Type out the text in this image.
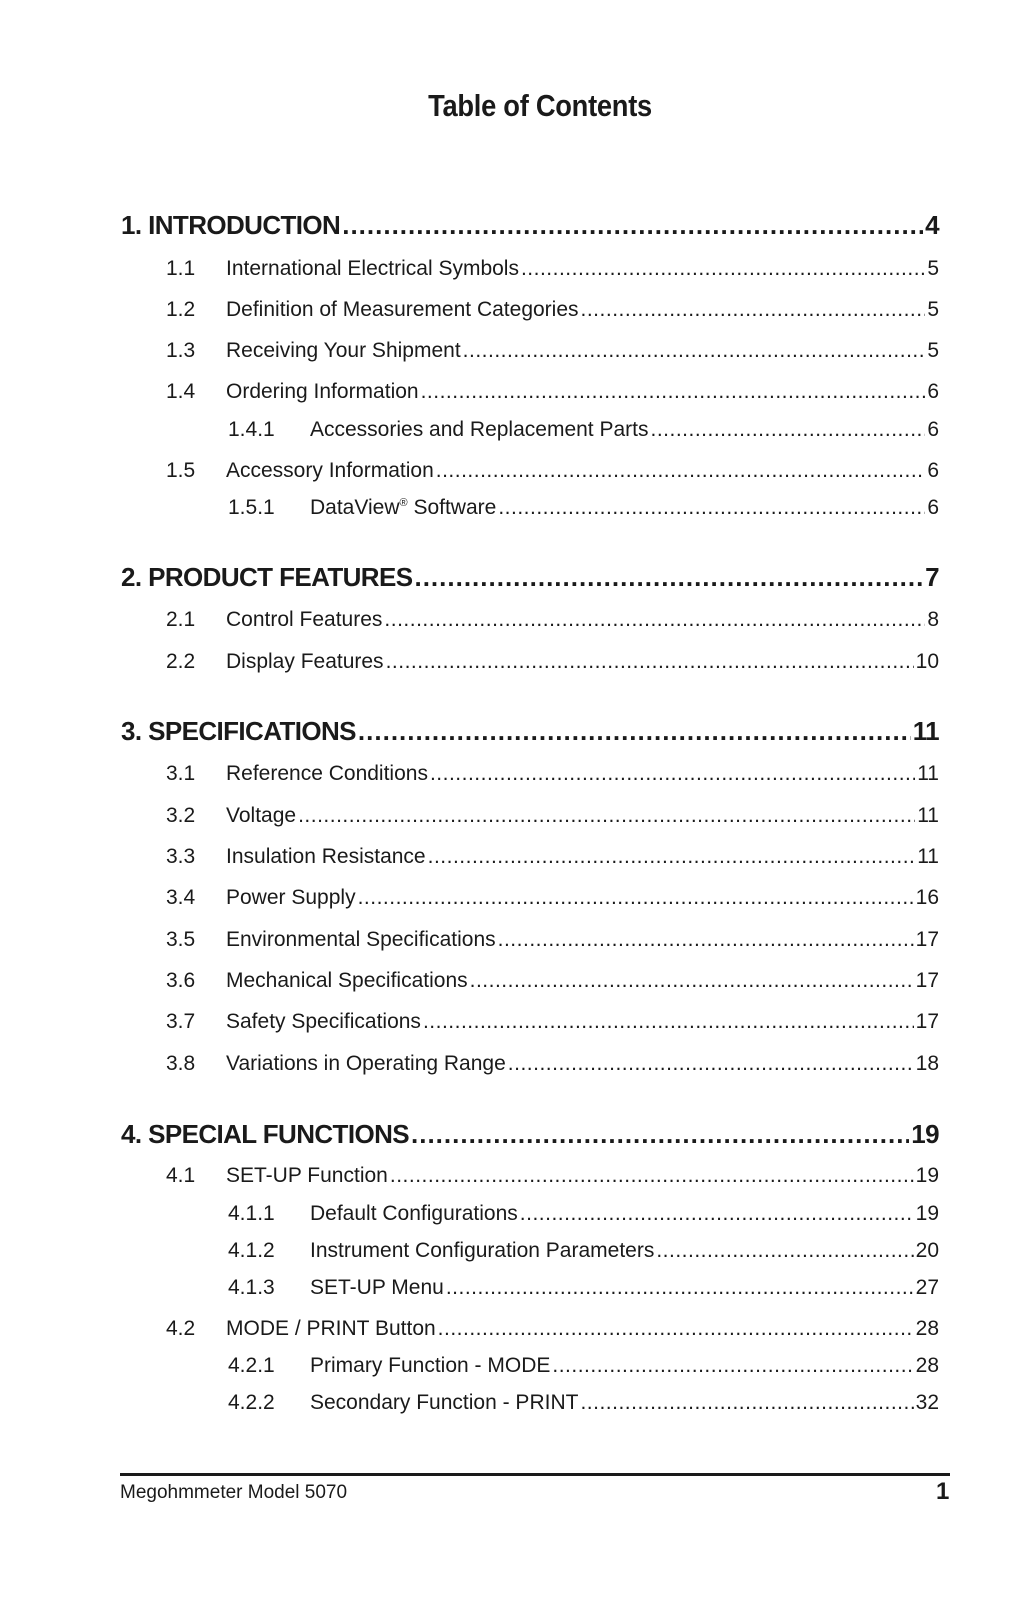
Table of Contents
1. INTRODUCTION .....	4
1.1	International Electrical Symbols .....	5
1.2	Definition of Measurement Categories .....	5
1.3	Receiving Your Shipment .....	5
1.4	Ordering Information .....	6
1.4.1	Accessories and Replacement Parts .....	6
1.5	Accessory Information .....	6
1.5.1	DataView® Software .....	6
2. PRODUCT FEATURES .....	7
2.1	Control Features .....	8
2.2	Display Features .....	10
3. SPECIFICATIONS .....	11
3.1	Reference Conditions .....	11
3.2	Voltage .....	11
3.3	Insulation Resistance .....	11
3.4	Power Supply .....	16
3.5	Environmental Specifications .....	17
3.6	Mechanical Specifications .....	17
3.7	Safety Specifications .....	17
3.8	Variations in Operating Range .....	18
4. SPECIAL FUNCTIONS .....	19
4.1	SET-UP Function .....	19
4.1.1	Default Configurations .....	19
4.1.2	Instrument Configuration Parameters .....	20
4.1.3	SET-UP Menu .....	27
4.2	MODE / PRINT Button .....	28
4.2.1	Primary Function - MODE .....	28
4.2.2	Secondary Function - PRINT .....	32
Megohmmeter Model 5070	1
